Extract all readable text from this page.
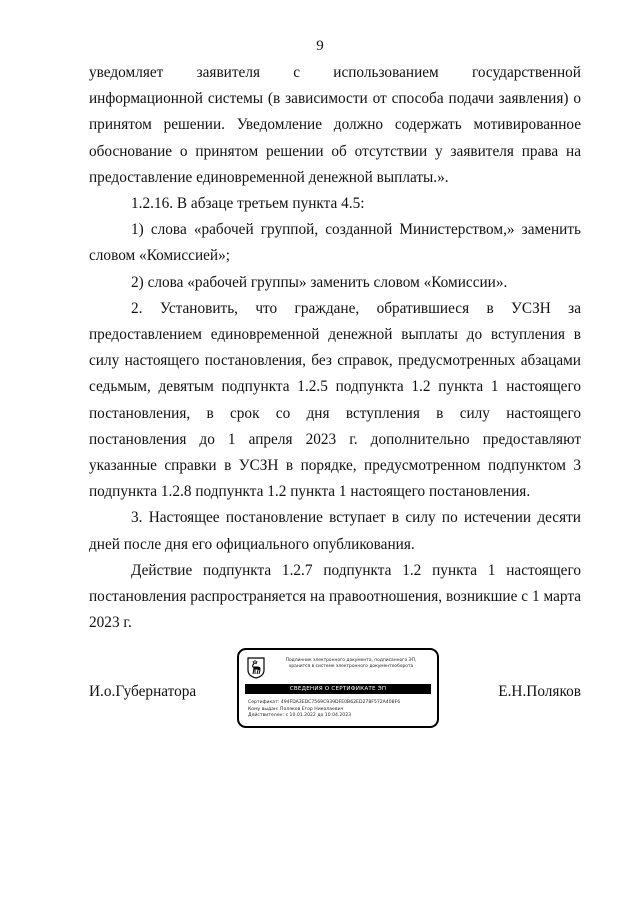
9

уведомляет заявителя с использованием государственной информационной системы (в зависимости от способа подачи заявления) о принятом решении. Уведомление должно содержать мотивированное обоснование о принятом решении об отсутствии у заявителя права на предоставление единовременной денежной выплаты.».

1.2.16. В абзаце третьем пункта 4.5:

1) слова «рабочей группой, созданной Министерством,» заменить словом «Комиссией»;

2) слова «рабочей группы» заменить словом «Комиссии».

2. Установить, что граждане, обратившиеся в УСЗН за предоставлением единовременной денежной выплаты до вступления в силу настоящего постановления, без справок, предусмотренных абзацами седьмым, девятым подпункта 1.2.5 подпункта 1.2 пункта 1 настоящего постановления, в срок со дня вступления в силу настоящего постановления до 1 апреля 2023 г. дополнительно предоставляют указанные справки в УСЗН в порядке, предусмотренном подпунктом 3 подпункта 1.2.8 подпункта 1.2 пункта 1 настоящего постановления.

3. Настоящее постановление вступает в силу по истечении десяти дней после дня его официального опубликования.

Действие подпункта 1.2.7 подпункта 1.2 пункта 1 настоящего постановления распространяется на правоотношения, возникшие с 1 марта 2023 г.

И.о.Губернатора
Подлинник электронного документа, подписанного ЭП,
хранится в системе электронного документооборота
СВЕДЕНИЯ О СЕРТИФИКАТЕ ЭП
Сертификат: 494FDA3EDC7569C939DFE0B62ED278F572A408F6
Кому выдан: Поляков Егор Николаевич
Действителен: с 10.01.2022 до 10.04.2023
Е.Н.Поляков
